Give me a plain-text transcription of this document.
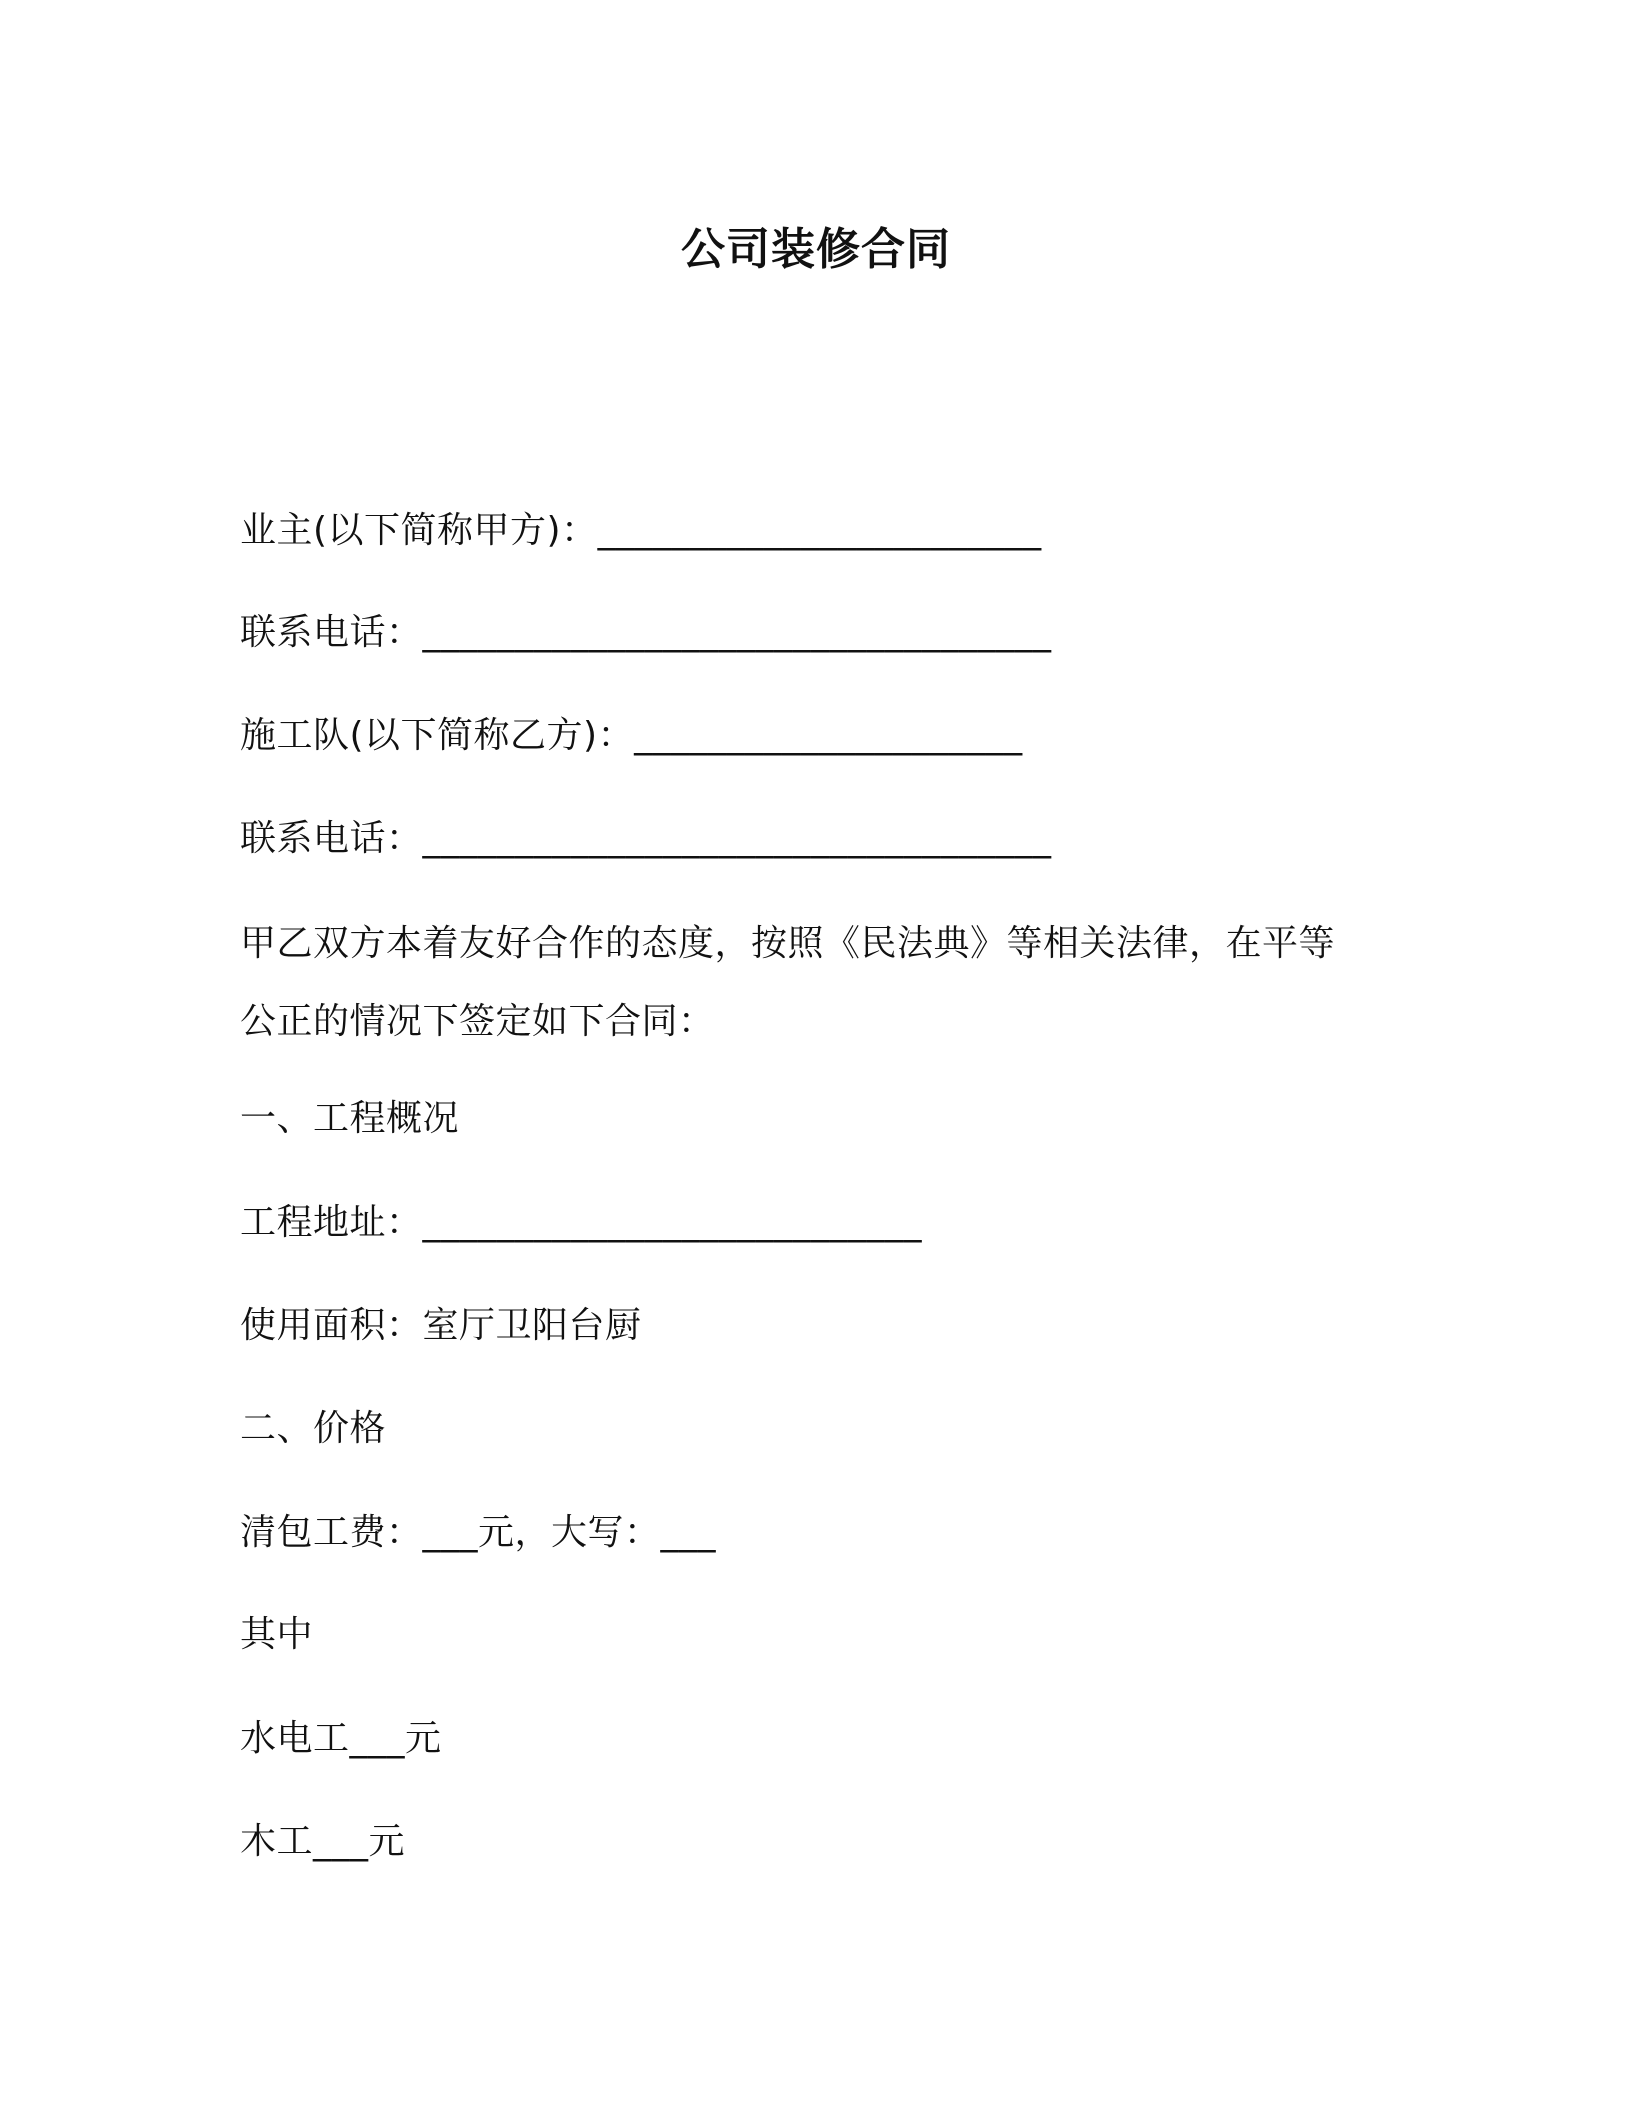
公司装修合同
业主(以下简称甲方)：________________________
联系电话：__________________________________
施工队(以下简称乙方)：_____________________
联系电话：__________________________________
甲乙双方本着友好合作的态度，按照《民法典》等相关法律，在平等
公正的情况下签定如下合同：
一、工程概况
工程地址：___________________________
使用面积：室厅卫阳台厨
二、价格
清包工费：___元，大写：___
其中
水电工___元
木工___元
